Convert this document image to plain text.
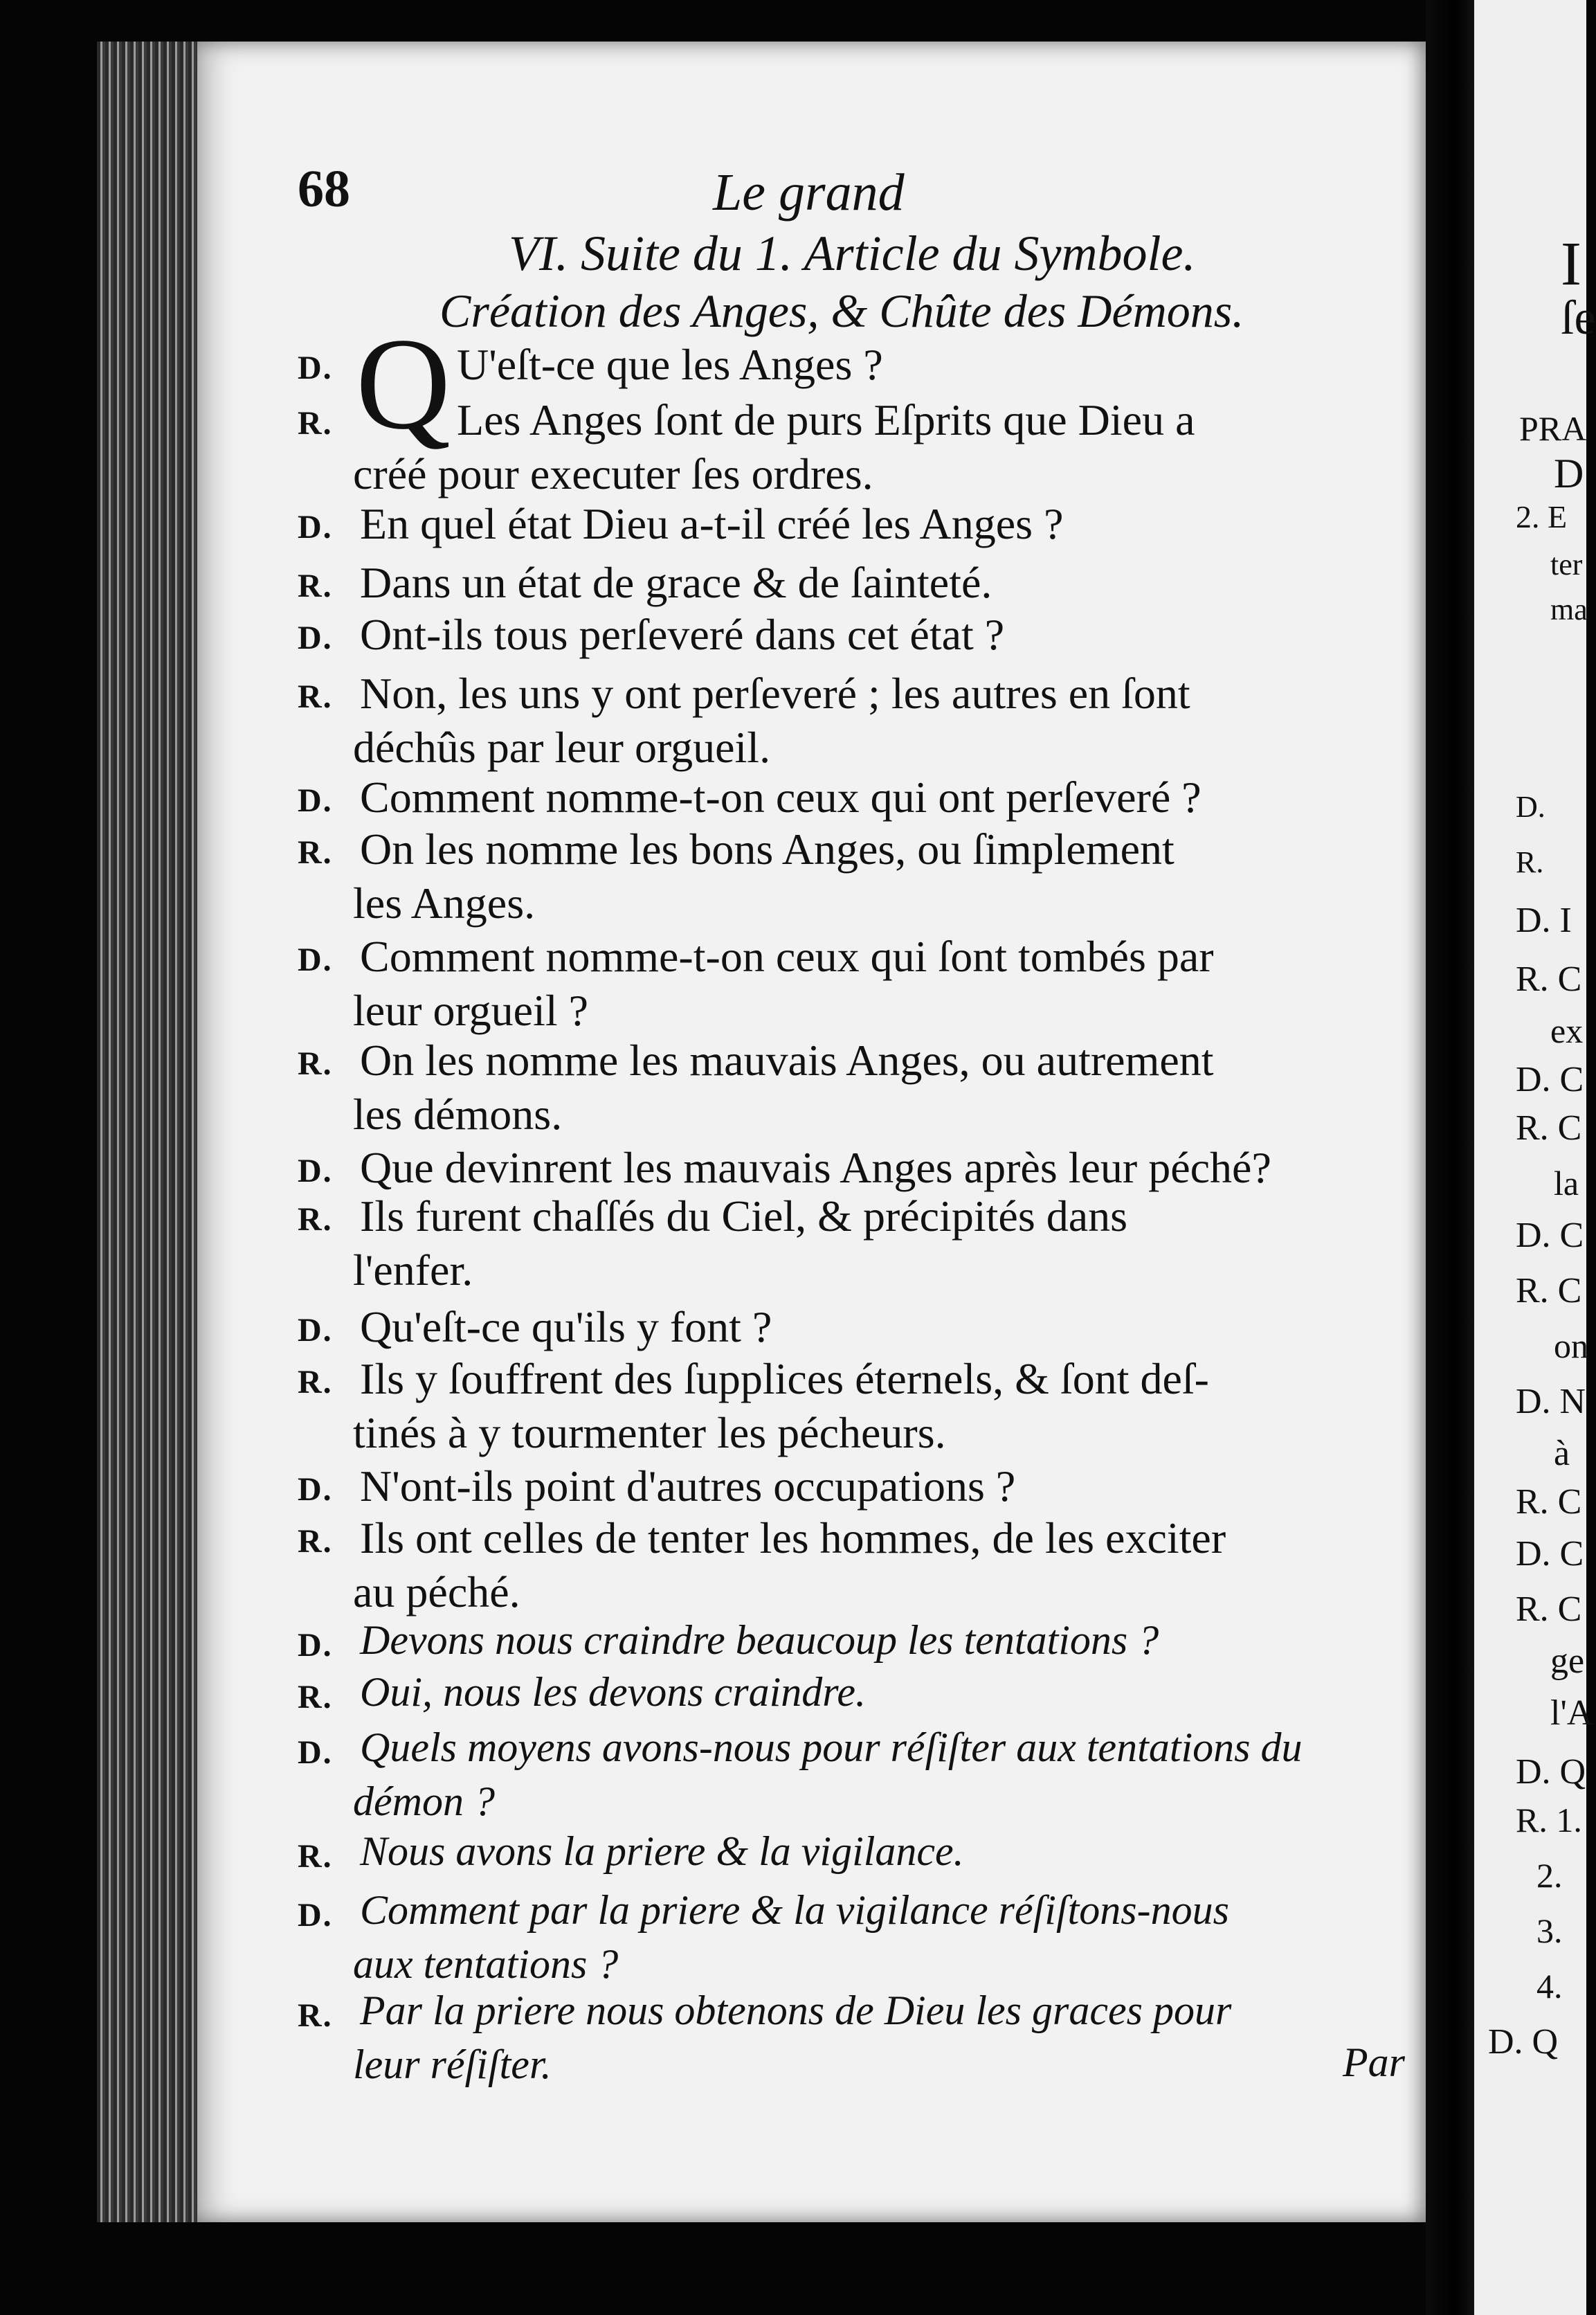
68	Le grand
VI. Suite du 1. Article du Symbole.
Création des Anges, & Chûte des Démons.
D. Q U'eſt-ce que les Anges ?
R.	Les Anges ſont de purs Eſprits que Dieu a
créé pour executer ſes ordres.
D. En quel état Dieu a-t-il créé les Anges ?
R. Dans un état de grace & de ſainteté.
D. Ont-ils tous perſeveré dans cet état ?
R. Non, les uns y ont perſeveré ; les autres en ſont
déchûs par leur orgueil.
D. Comment nomme-t-on ceux qui ont perſeveré ?
R. On les nomme les bons Anges, ou ſimplement
les Anges.
D. Comment nomme-t-on ceux qui ſont tombés par
leur orgueil ?
R. On les nomme les mauvais Anges, ou autrement
les démons.
D. Que devinrent les mauvais Anges après leur péché?
R. Ils furent chaſſés du Ciel, & précipités dans
l'enfer.
D. Qu'eſt-ce qu'ils y font ?
R. Ils y ſouffrent des ſupplices éternels, & ſont deſ-
tinés à y tourmenter les pécheurs.
D. N'ont-ils point d'autres occupations ?
R. Ils ont celles de tenter les hommes, de les exciter
au péché.
D. Devons nous craindre beaucoup les tentations ?
R. Oui, nous les devons craindre.
D. Quels moyens avons-nous pour réſiſter aux tentations du
démon ?
R. Nous avons la priere & la vigilance.
D. Comment par la priere & la vigilance réſiſtons-nous
aux tentations ?
R. Par la priere nous obtenons de Dieu les graces pour
leur réſiſter.	Par
I
ſe
PRA
D
2. E
ter
ma
D.
R.
D. I
R. C
ex
D. C
R. C
la
D. C
R. C
on
D. N
à
R. C
D. C
R. C
ge
l'A
D. Q
R. 1.
2.
3.
4.
D. Q
